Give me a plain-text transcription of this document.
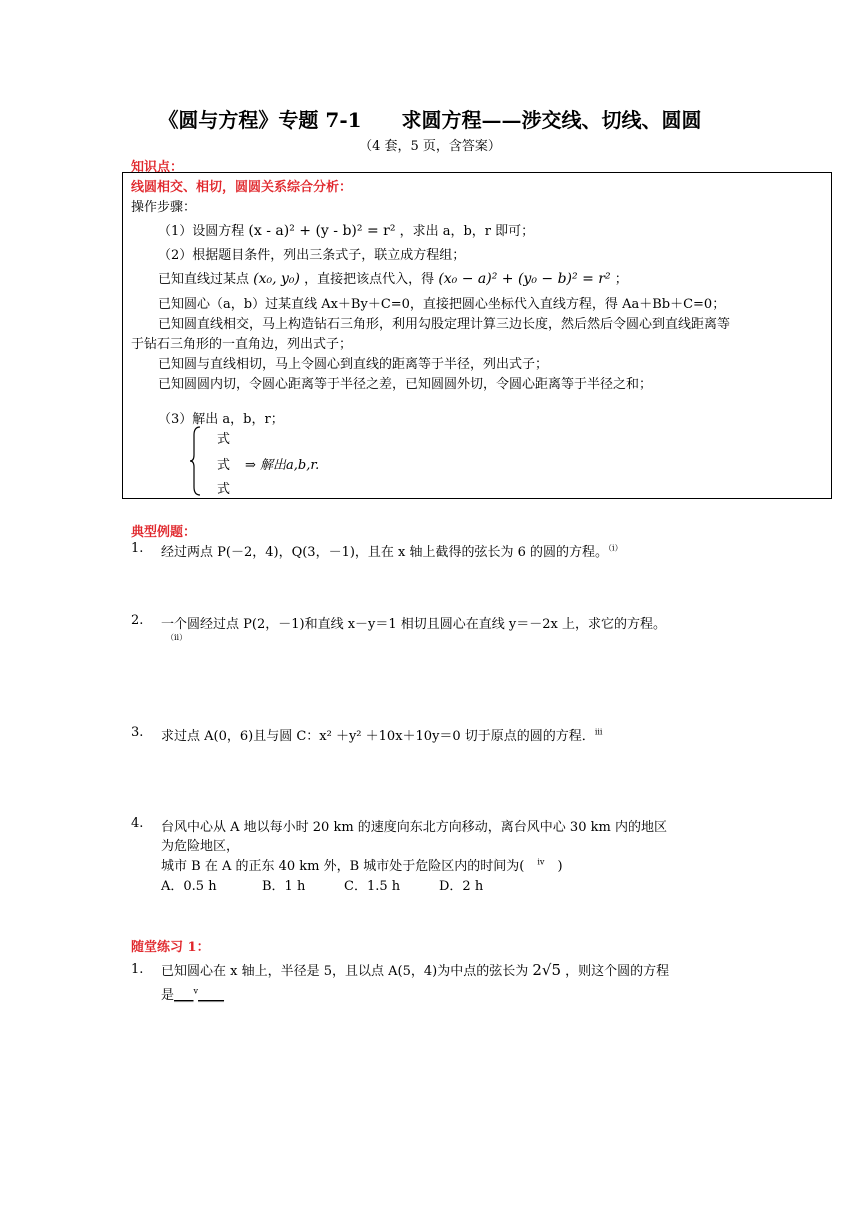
《圆与方程》专题 7-1　　求圆方程——涉交线、切线、圆圆
（4 套，5 页，含答案）
知识点：
线圆相交、相切，圆圆关系综合分析：
操作步骤：
（1）设圆方程 (x - a)² + (y - b)² = r² ，求出 a，b，r 即可；
（2）根据题目条件，列出三条式子，联立成方程组；
已知直线过某点 (x₀, y₀) ，直接把该点代入，得 (x₀ − a)² + (y₀ − b)² = r² ；
已知圆心（a，b）过某直线 Ax＋By＋C=0，直接把圆心坐标代入直线方程，得 Aa＋Bb＋C=0；
已知圆直线相交，马上构造钻石三角形，利用勾股定理计算三边长度，然后然后令圆心到直线距离等
于钻石三角形的一直角边，列出式子；
已知圆与直线相切，马上令圆心到直线的距离等于半径，列出式子；
已知圆圆内切，令圆心距离等于半径之差，已知圆圆外切，令圆心距离等于半径之和；
（3）解出 a，b，r；
式
式 ⇒ 解出a,b,r.
式
典型例题：
1. 经过两点 P(－2，4)，Q(3，－1)，且在 x 轴上截得的弦长为 6 的圆的方程。$^{(i)}$
2. 一个圆经过点 P(2，－1)和直线 x－y＝1 相切且圆心在直线 y＝－2x 上，求它的方程。
（ii）
3. 求过点 A(0，6)且与圆 C：x² ＋y² ＋10x＋10y＝0 切于原点的圆的方程．$^{iii}$
4. 台风中心从 A 地以每小时 20 km 的速度向东北方向移动，离台风中心 30 km 内的地区
为危险地区，
城市 B 在 A 的正东 40 km 外，B 城市处于危险区内的时间为(　$^{iv}$　)
A．0.5 h	B．1 h	C．1.5 h	D．2 h
随堂练习 1：
1. 已知圆心在 x 轴上，半径是 5，且以点 A(5，4)为中点的弦长为 2√5 ，则这个圆的方程
是___$^v$____
